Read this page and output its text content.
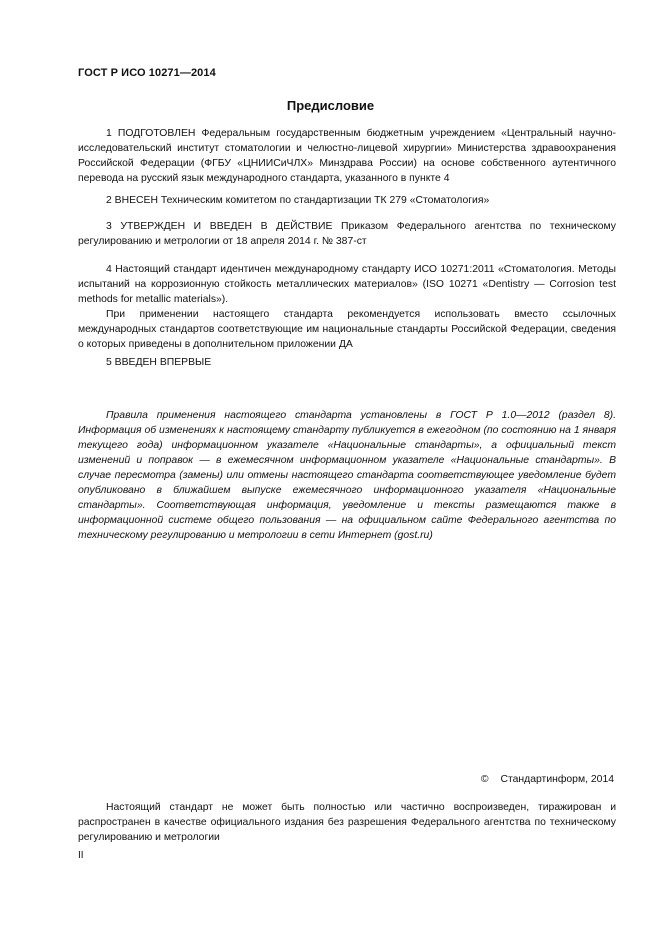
ГОСТ Р ИСО 10271—2014
Предисловие

1 ПОДГОТОВЛЕН Федеральным государственным бюджетным учреждением «Центральный научно-исследовательский институт стоматологии и челюстно-лицевой хирургии» Министерства здравоохранения Российской Федерации (ФГБУ «ЦНИИСиЧЛХ» Минздрава России) на основе собственного аутентичного перевода на русский язык международного стандарта, указанного в пункте 4

2 ВНЕСЕН Техническим комитетом по стандартизации ТК 279 «Стоматология»

3 УТВЕРЖДЕН И ВВЕДЕН В ДЕЙСТВИЕ Приказом Федерального агентства по техническому регулированию и метрологии от 18 апреля 2014 г. № 387-ст

4 Настоящий стандарт идентичен международному стандарту ИСО 10271:2011 «Стоматология. Методы испытаний на коррозионную стойкость металлических материалов» (ISO 10271 «Dentistry — Corrosion test methods for metallic materials»).

При применении настоящего стандарта рекомендуется использовать вместо ссылочных международных стандартов соответствующие им национальные стандарты Российской Федерации, сведения о которых приведены в дополнительном приложении ДА

5 ВВЕДЕН ВПЕРВЫЕ

Правила применения настоящего стандарта установлены в ГОСТ Р 1.0—2012 (раздел 8). Информация об изменениях к настоящему стандарту публикуется в ежегодном (по состоянию на 1 января текущего года) информационном указателе «Национальные стандарты», а официальный текст изменений и поправок — в ежемесячном информационном указателе «Национальные стандарты». В случае пересмотра (замены) или отмены настоящего стандарта соответствующее уведомление будет опубликовано в ближайшем выпуске ежемесячного информационного указателя «Национальные стандарты». Соответствующая информация, уведомление и тексты размещаются также в информационной системе общего пользования — на официальном сайте Федерального агентства по техническому регулированию и метрологии в сети Интернет (gost.ru)

© Стандартинформ, 2014

Настоящий стандарт не может быть полностью или частично воспроизведен, тиражирован и распространен в качестве официального издания без разрешения Федерального агентства по техническому регулированию и метрологии

II
